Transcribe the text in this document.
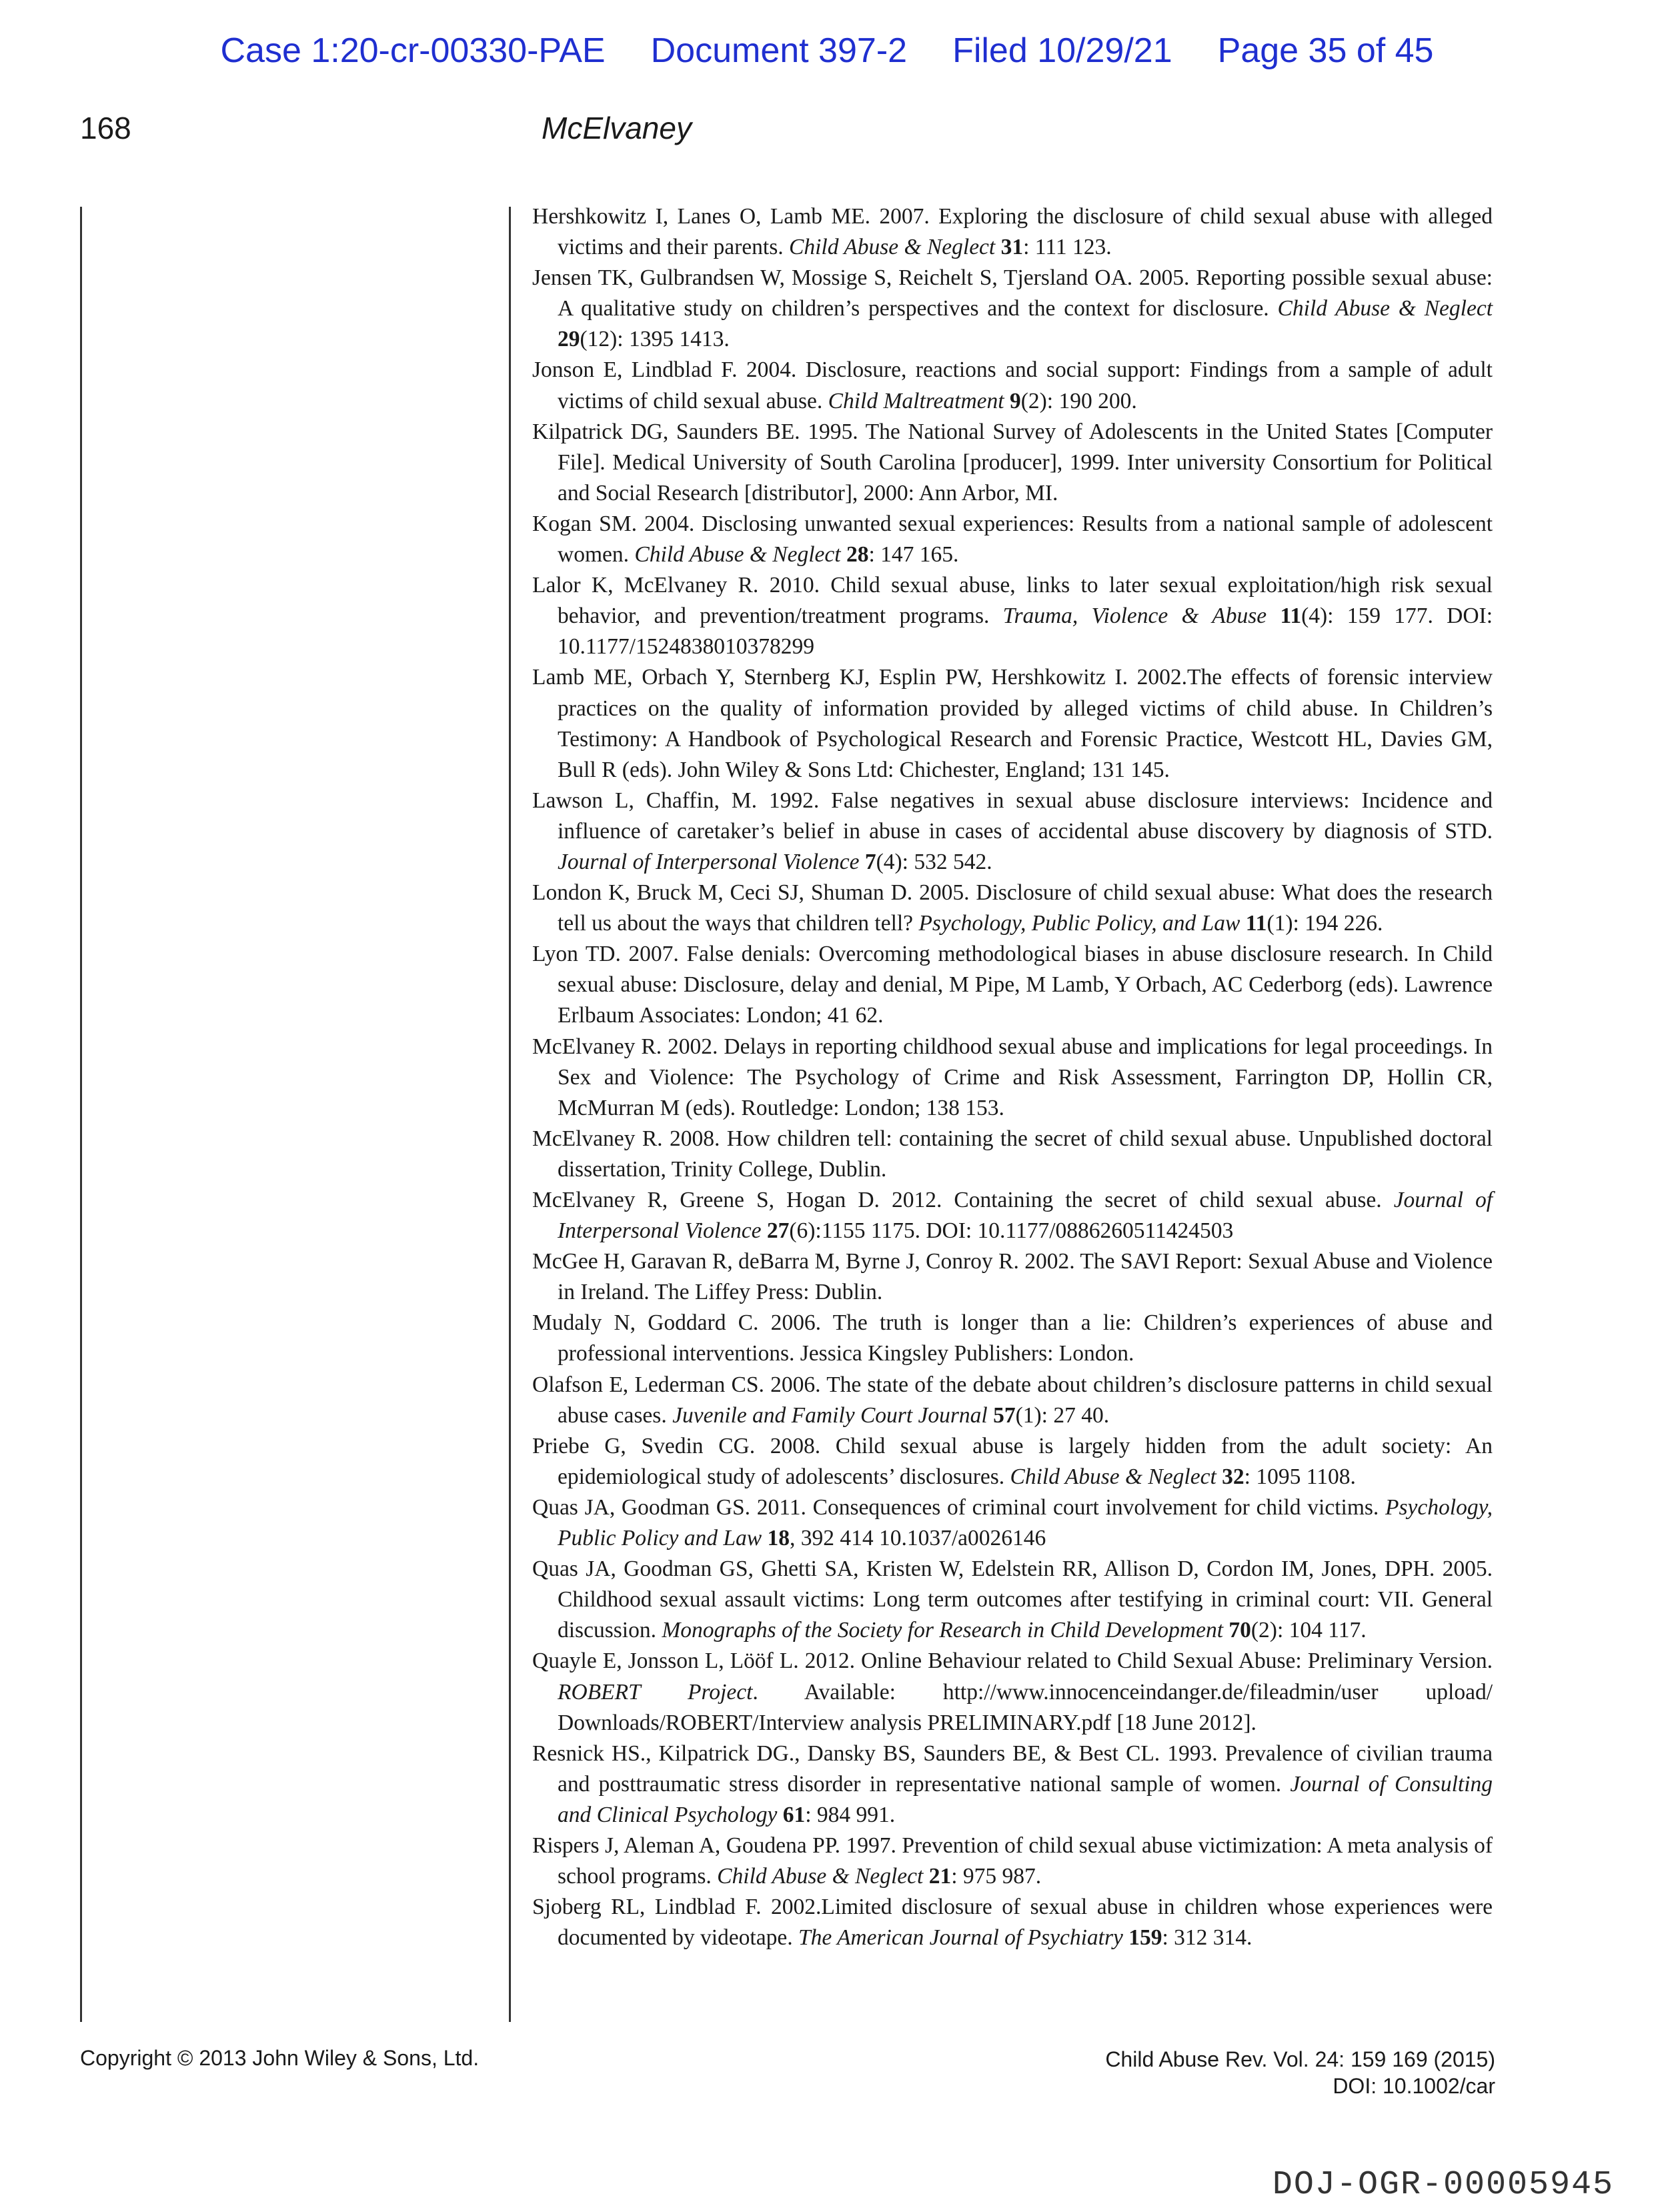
Case 1:20-cr-00330-PAE Document 397-2 Filed 10/29/21 Page 35 of 45
168	McElvaney

Hershkowitz I, Lanes O, Lamb ME. 2007. Exploring the disclosure of child sexual abuse with alleged victims and their parents. Child Abuse & Neglect 31: 111 123.

Jensen TK, Gulbrandsen W, Mossige S, Reichelt S, Tjersland OA. 2005. Reporting possible sexual abuse: A qualitative study on children’s perspectives and the context for disclosure. Child Abuse & Neglect 29(12): 1395 1413.

Jonson E, Lindblad F. 2004. Disclosure, reactions and social support: Findings from a sample of adult victims of child sexual abuse. Child Maltreatment 9(2): 190 200.

Kilpatrick DG, Saunders BE. 1995. The National Survey of Adolescents in the United States [Computer File]. Medical University of South Carolina [producer], 1999. Inter university Consortium for Political and Social Research [distributor], 2000: Ann Arbor, MI.

Kogan SM. 2004. Disclosing unwanted sexual experiences: Results from a national sample of adolescent women. Child Abuse & Neglect 28: 147 165.

Lalor K, McElvaney R. 2010. Child sexual abuse, links to later sexual exploitation/high risk sexual behavior, and prevention/treatment programs. Trauma, Violence & Abuse 11(4): 159 177. DOI: 10.1177/1524838010378299

Lamb ME, Orbach Y, Sternberg KJ, Esplin PW, Hershkowitz I. 2002.The effects of forensic interview practices on the quality of information provided by alleged victims of child abuse. In Children’s Testimony: A Handbook of Psychological Research and Forensic Practice, Westcott HL, Davies GM, Bull R (eds). John Wiley & Sons Ltd: Chichester, England; 131 145.

Lawson L, Chaffin, M. 1992. False negatives in sexual abuse disclosure interviews: Incidence and influence of caretaker’s belief in abuse in cases of accidental abuse discovery by diagnosis of STD. Journal of Interpersonal Violence 7(4): 532 542.

London K, Bruck M, Ceci SJ, Shuman D. 2005. Disclosure of child sexual abuse: What does the research tell us about the ways that children tell? Psychology, Public Policy, and Law 11(1): 194 226.

Lyon TD. 2007. False denials: Overcoming methodological biases in abuse disclosure research. In Child sexual abuse: Disclosure, delay and denial, M Pipe, M Lamb, Y Orbach, AC Cederborg (eds). Lawrence Erlbaum Associates: London; 41 62.

McElvaney R. 2002. Delays in reporting childhood sexual abuse and implications for legal proceedings. In Sex and Violence: The Psychology of Crime and Risk Assessment, Farrington DP, Hollin CR, McMurran M (eds). Routledge: London; 138 153.

McElvaney R. 2008. How children tell: containing the secret of child sexual abuse. Unpublished doctoral dissertation, Trinity College, Dublin.

McElvaney R, Greene S, Hogan D. 2012. Containing the secret of child sexual abuse. Journal of Interpersonal Violence 27(6):1155 1175. DOI: 10.1177/0886260511424503

McGee H, Garavan R, deBarra M, Byrne J, Conroy R. 2002. The SAVI Report: Sexual Abuse and Violence in Ireland. The Liffey Press: Dublin.

Mudaly N, Goddard C. 2006. The truth is longer than a lie: Children’s experiences of abuse and professional interventions. Jessica Kingsley Publishers: London.

Olafson E, Lederman CS. 2006. The state of the debate about children’s disclosure patterns in child sexual abuse cases. Juvenile and Family Court Journal 57(1): 27 40.

Priebe G, Svedin CG. 2008. Child sexual abuse is largely hidden from the adult society: An epidemiological study of adolescents’ disclosures. Child Abuse & Neglect 32: 1095 1108.

Quas JA, Goodman GS. 2011. Consequences of criminal court involvement for child victims. Psychology, Public Policy and Law 18, 392 414 10.1037/a0026146

Quas JA, Goodman GS, Ghetti SA, Kristen W, Edelstein RR, Allison D, Cordon IM, Jones, DPH. 2005. Childhood sexual assault victims: Long term outcomes after testifying in criminal court: VII. General discussion. Monographs of the Society for Research in Child Development 70(2): 104 117.

Quayle E, Jonsson L, Lööf L. 2012. Online Behaviour related to Child Sexual Abuse: Preliminary Version. ROBERT Project. Available: http://www.innocenceindanger.de/fileadmin/user upload/ Downloads/ROBERT/Interview analysis PRELIMINARY.pdf [18 June 2012].

Resnick HS., Kilpatrick DG., Dansky BS, Saunders BE, & Best CL. 1993. Prevalence of civilian trauma and posttraumatic stress disorder in representative national sample of women. Journal of Consulting and Clinical Psychology 61: 984 991.

Rispers J, Aleman A, Goudena PP. 1997. Prevention of child sexual abuse victimization: A meta analysis of school programs. Child Abuse & Neglect 21: 975 987.

Sjoberg RL, Lindblad F. 2002.Limited disclosure of sexual abuse in children whose experiences were documented by videotape. The American Journal of Psychiatry 159: 312 314.

Copyright © 2013 John Wiley & Sons, Ltd.	Child Abuse Rev. Vol. 24: 159 169 (2015)
DOI: 10.1002/car
DOJ-OGR-00005945
